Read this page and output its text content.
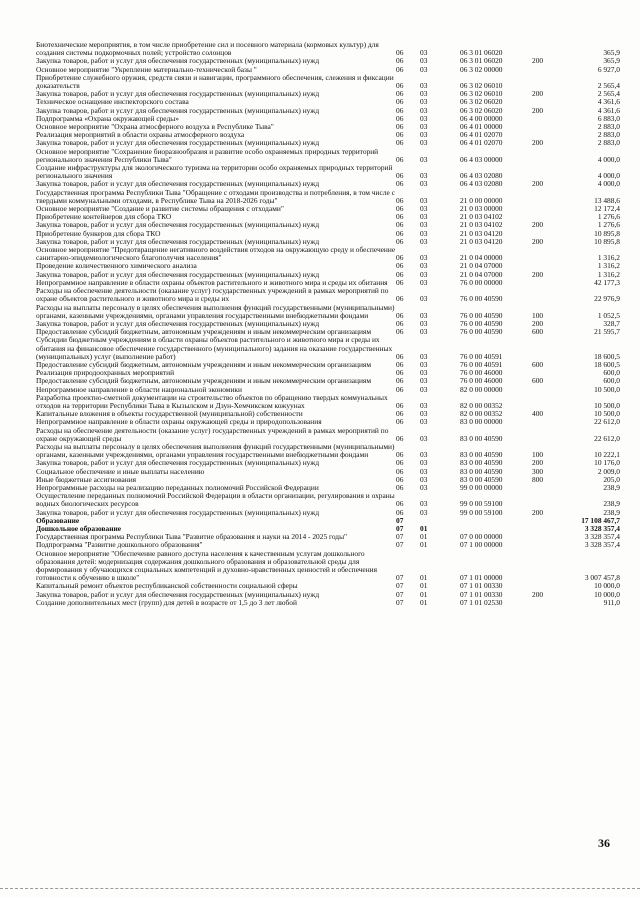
Биотехнические мероприятия, в том числе приобретение сил и посевного материала (кормовых культур) для создания системы подкормочных полей; устройство солонцов	06	03	06 3 01 06020		365,9
Закупка товаров, работ и услуг для обеспечения государственных (муниципальных) нужд	06	03	06 3 01 06020	200	365,9
Основное мероприятие "Укрепление материально-технической базы "	06	03	06 3 02 00000		6 927,0
Приобретение служебного оружия, средств связи и навигации, программного обеспечения, слежения и фиксации доказательств	06	03	06 3 02 06010		2 565,4
Закупка товаров, работ и услуг для обеспечения государственных (муниципальных) нужд	06	03	06 3 02 06010	200	2 565,4
Техническое оснащение инспекторского состава	06	03	06 3 02 06020		4 361,6
Закупка товаров, работ и услуг для обеспечения государственных (муниципальных) нужд	06	03	06 3 02 06020	200	4 361,6
Подпрограмма «Охрана окружающей среды»	06	03	06 4 00 00000		6 883,0
Основное мероприятие "Охрана атмосферного воздуха в Республике Тыва"	06	03	06 4 01 00000		2 883,0
Реализация мероприятий в области охраны атмосферного воздуха	06	03	06 4 01 02070		2 883,0
Закупка товаров, работ и услуг для обеспечения государственных (муниципальных) нужд	06	03	06 4 01 02070	200	2 883,0
Основное мероприятие "Сохранение биоразнообразия и развитие особо охраняемых природных территорий регионального значения Республики Тыва"	06	03	06 4 03 00000		4 000,0
Создание инфраструктуры для экологического туризма на территории особо охраняемых природных территорий регионального значения	06	03	06 4 03 02080		4 000,0
Закупка товаров, работ и услуг для обеспечения государственных (муниципальных) нужд	06	03	06 4 03 02080	200	4 000,0
Государственная программа Республики Тыва "Обращение с отходами производства и потребления, в том числе с твердыми коммунальными отходами, в Республике Тыва на 2018-2026 годы"	06	03	21 0 00 00000		13 488,6
Основное мероприятие "Создание и развитие системы обращения с отходами"	06	03	21 0 03 00000		12 172,4
Приобретение контейнеров для сбора ТКО	06	03	21 0 03 04102		1 276,6
Закупка товаров, работ и услуг для обеспечения государственных (муниципальных) нужд	06	03	21 0 03 04102	200	1 276,6
Приобретение бункеров для сбора ТКО	06	03	21 0 03 04120		10 895,8
Закупка товаров, работ и услуг для обеспечения государственных (муниципальных) нужд	06	03	21 0 03 04120	200	10 895,8
Основное мероприятие "Предотвращение негативного воздействия отходов на окружающую среду и обеспечение санитарно-эпидемиологического благополучия населения"	06	03	21 0 04 00000		1 316,2
Проведение количественного химического анализа	06	03	21 0 04 07000		1 316,2
Закупка товаров, работ и услуг для обеспечения государственных (муниципальных) нужд	06	03	21 0 04 07000	200	1 316,2
Непрограммное направление в области охраны объектов растительного и животного мира и среды их обитания	06	03	76 0 00 00000		42 177,3
Расходы на обеспечение деятельности (оказание услуг) государственных учреждений в рамках мероприятий по охране объектов растительного и животного мира и среды их	06	03	76 0 00 40590		22 976,9
Расходы на выплаты персоналу в целях обеспечения выполнения функций государственными (муниципальными) органами, казенными учреждениями, органами управления государственными внебюджетными фондами	06	03	76 0 00 40590	100	1 052,5
Закупка товаров, работ и услуг для обеспечения государственных (муниципальных) нужд	06	03	76 0 00 40590	200	328,7
Предоставление субсидий бюджетным, автономным учреждениям и иным некоммерческим организациям	06	03	76 0 00 40590	600	21 595,7
Субсидии бюджетным учреждениям в области охраны объектов растительного и животного мира и среды их обитания на финансовое обеспечение государственного (муниципального) задания на оказание государственных (муниципальных) услуг (выполнение работ)	06	03	76 0 00 40591		18 600,5
Предоставление субсидий бюджетным, автономным учреждениям и иным некоммерческим организациям	06	03	76 0 00 40591	600	18 600,5
Реализация природоохранных мероприятий	06	03	76 0 00 46000		600,0
Предоставление субсидий бюджетным, автономным учреждениям и иным некоммерческим организациям	06	03	76 0 00 46000	600	600,0
Непрограммное направление в области национальной экономики	06	03	82 0 00 00000		10 500,0
Разработка проектно-сметной документации на строительство объектов по обращению твердых коммунальных отходов на территории Республики Тыва в Кызылском и Дзун-Хемчикском кожуунах	06	03	82 0 00 00352		10 500,0
Капитальные вложения в объекты государственной (муниципальной) собственности	06	03	82 0 00 00352	400	10 500,0
Непрограммное направление в области охраны окружающей среды и природопользования	06	03	83 0 00 00000		22 612,0
Расходы на обеспечение деятельности (оказание услуг) государственных учреждений в рамках мероприятий по охране окружающей среды	06	03	83 0 00 40590		22 612,0
Расходы на выплаты персоналу в целях обеспечения выполнения функций государственными (муниципальными) органами, казенными учреждениями, органами управления государственными внебюджетными фондами	06	03	83 0 00 40590	100	10 222,1
Закупка товаров, работ и услуг для обеспечения государственных (муниципальных) нужд	06	03	83 0 00 40590	200	10 176,0
Социальное обеспечение и иные выплаты населению	06	03	83 0 00 40590	300	2 009,0
Иные бюджетные ассигнования	06	03	83 0 00 40590	800	205,0
Непрограммные расходы на реализацию переданных полномочий Российской Федерации	06	03	99 0 00 00000		238,9
Осуществление переданных полномочий Российской Федерации в области организации, регулирования и охраны водных биологических ресурсов	06	03	99 0 00 59100		238,9
Закупка товаров, работ и услуг для обеспечения государственных (муниципальных) нужд	06	03	99 0 00 59100	200	238,9
Образование	07				17 108 467,7
Дошкольное образование	07	01			3 328 357,4
Государственная программа Республики Тыва "Развитие образования и науки на 2014 - 2025 годы"	07	01	07 0 00 00000		3 328 357,4
Подпрограмма "Развитие дошкольного образования"	07	01	07 1 00 00000		3 328 357,4
Основное мероприятие "Обеспечение равного доступа населения к качественным услугам дошкольного образования детей: модернизация содержания дошкольного образования и образовательной среды для формирования у обучающихся социальных компетенций и духовно-нравственных ценностей и обеспечения готовности к обучению в школе"	07	01	07 1 01 00000		3 007 457,8
Капитальный ремонт объектов республиканской собственности социальной сферы	07	01	07 1 01 00330		10 000,0
Закупка товаров, работ и услуг для обеспечения государственных (муниципальных) нужд	07	01	07 1 01 00330	200	10 000,0
Создание дополнительных мест (групп) для детей в возрасте от 1,5 до 3 лет любой	07	01	07 1 01 02530		911,0
36
